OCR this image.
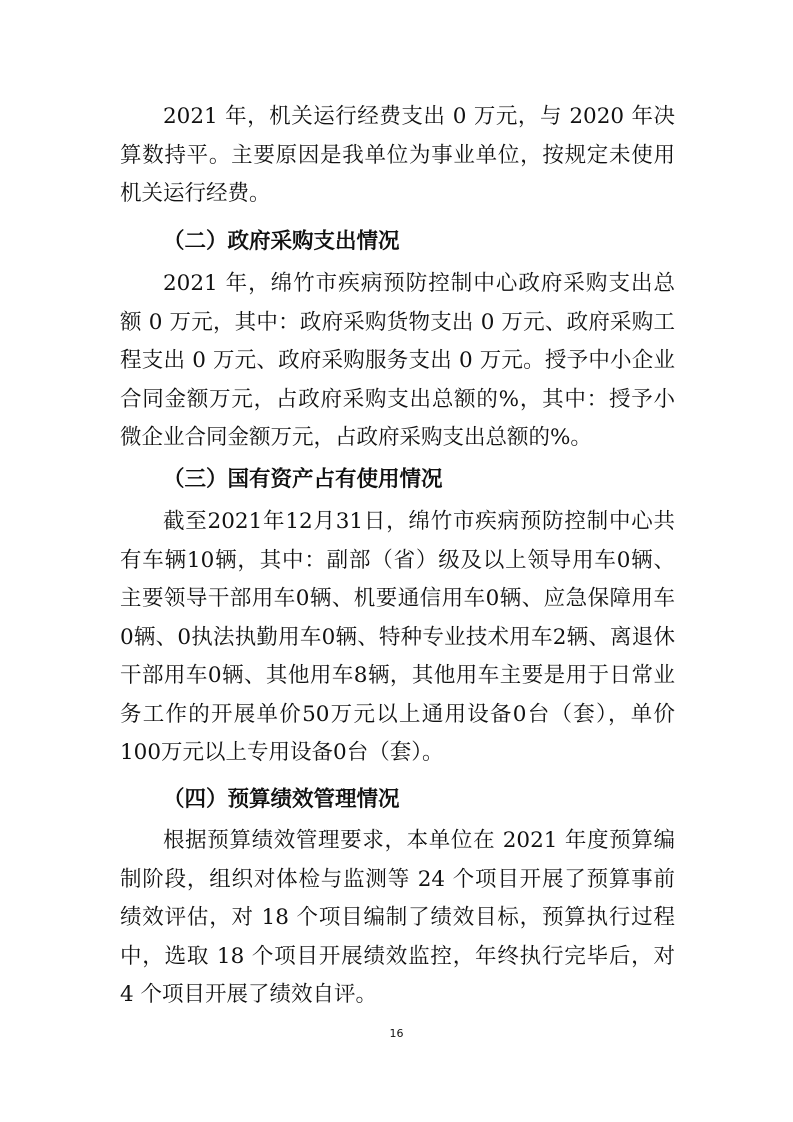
2021 年，机关运行经费支出 0 万元，与 2020 年决算数持平。主要原因是我单位为事业单位，按规定未使用机关运行经费。

（二）政府采购支出情况

2021 年，绵竹市疾病预防控制中心政府采购支出总额 0 万元，其中：政府采购货物支出 0 万元、政府采购工程支出 0 万元、政府采购服务支出 0 万元。授予中小企业合同金额万元，占政府采购支出总额的%，其中：授予小微企业合同金额万元，占政府采购支出总额的%。

（三）国有资产占有使用情况

截至2021年12月31日，绵竹市疾病预防控制中心共有车辆10辆，其中：副部（省）级及以上领导用车0辆、主要领导干部用车0辆、机要通信用车0辆、应急保障用车0辆、0执法执勤用车0辆、特种专业技术用车2辆、离退休干部用车0辆、其他用车8辆，其他用车主要是用于日常业务工作的开展单价50万元以上通用设备0台（套），单价100万元以上专用设备0台（套）。

（四）预算绩效管理情况

根据预算绩效管理要求，本单位在 2021 年度预算编制阶段，组织对体检与监测等 24 个项目开展了预算事前绩效评估，对 18 个项目编制了绩效目标，预算执行过程中，选取 18 个项目开展绩效监控，年终执行完毕后，对 4 个项目开展了绩效自评。

16
